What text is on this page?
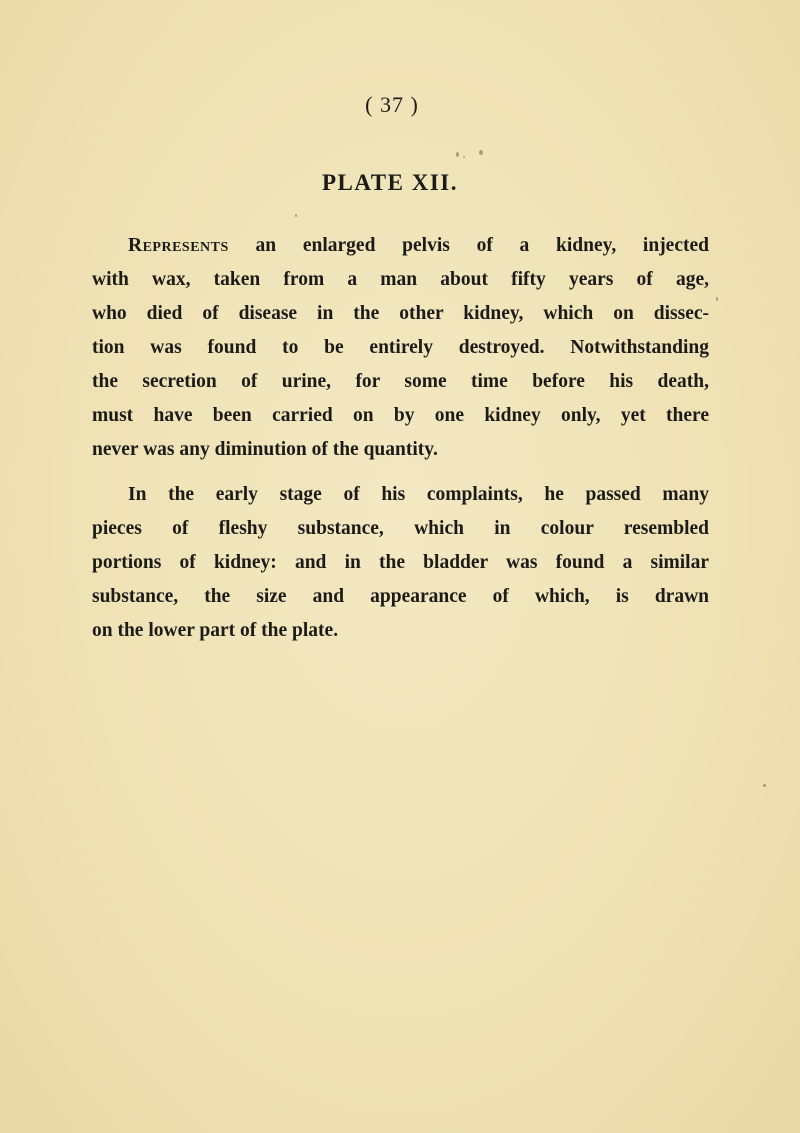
( 37 )
PLATE XII.
Represents an enlarged pelvis of a kidney, injected
with wax, taken from a man about fifty years of age,
who died of disease in the other kidney, which on dissec-
tion was found to be entirely destroyed. Notwithstanding
the secretion of urine, for some time before his death,
must have been carried on by one kidney only, yet there
never was any diminution of the quantity.
In the early stage of his complaints, he passed many
pieces of fleshy substance, which in colour resembled
portions of kidney: and in the bladder was found a similar
substance, the size and appearance of which, is drawn
on the lower part of the plate.
